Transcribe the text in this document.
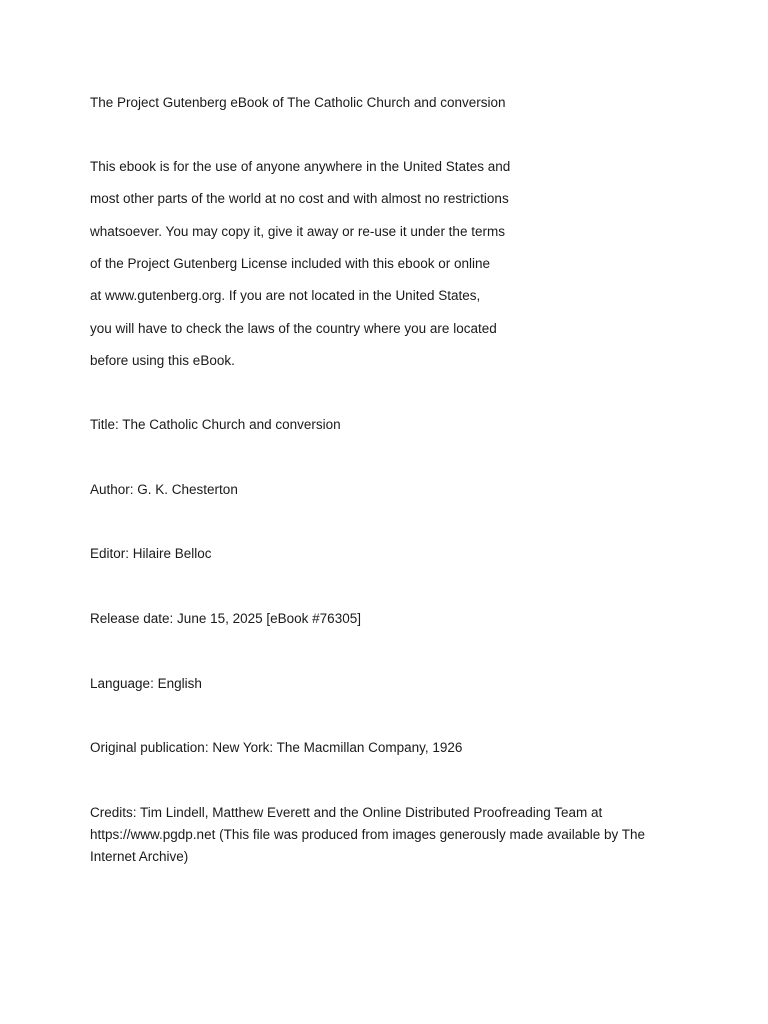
The Project Gutenberg eBook of The Catholic Church and conversion
This ebook is for the use of anyone anywhere in the United States and
most other parts of the world at no cost and with almost no restrictions
whatsoever. You may copy it, give it away or re-use it under the terms
of the Project Gutenberg License included with this ebook or online
at www.gutenberg.org. If you are not located in the United States,
you will have to check the laws of the country where you are located
before using this eBook.
Title: The Catholic Church and conversion
Author: G. K. Chesterton
Editor: Hilaire Belloc
Release date: June 15, 2025 [eBook #76305]
Language: English
Original publication: New York: The Macmillan Company, 1926
Credits: Tim Lindell, Matthew Everett and the Online Distributed Proofreading Team at https://www.pgdp.net (This file was produced from images generously made available by The Internet Archive)
